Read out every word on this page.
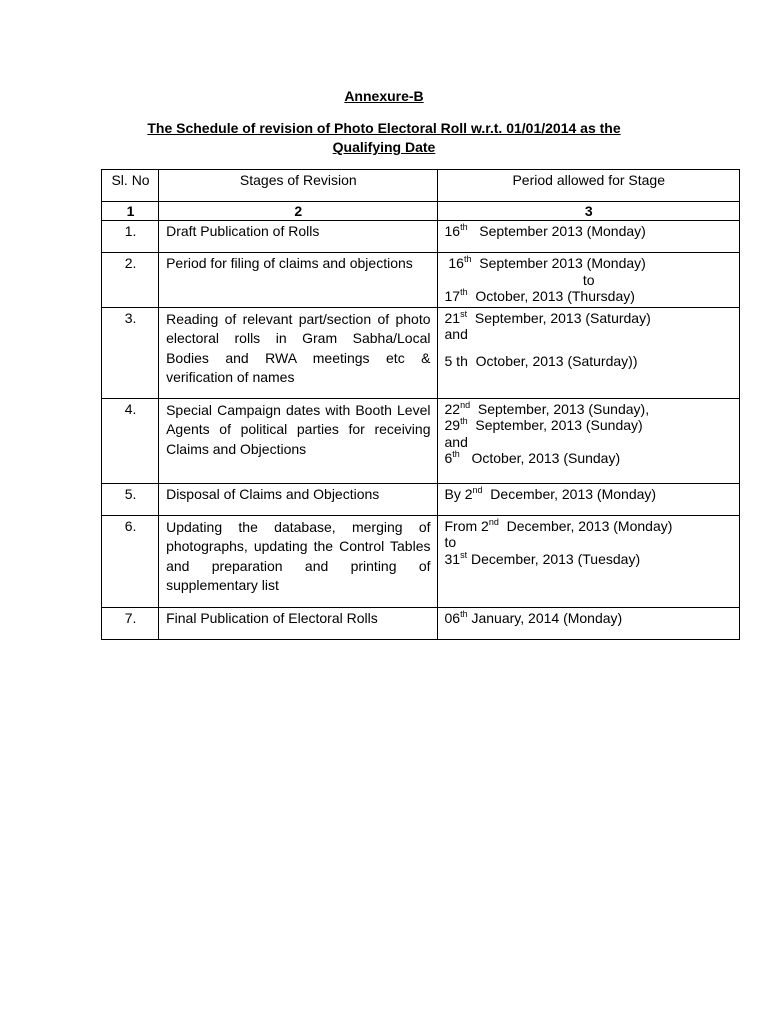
Annexure-B
The Schedule of revision of Photo Electoral Roll w.r.t. 01/01/2014 as the
Qualifying Date
Sl. No	Stages of Revision	Period allowed for Stage
1	2	3
1.	Draft Publication of Rolls	16th   September 2013 (Monday)
2.	Period for filing of claims and objections	16th  September 2013 (Monday)
to
17th  October, 2013 (Thursday)

3.	Reading of relevant part/section of photo electoral rolls in Gram Sabha/Local Bodies and RWA meetings etc & verification of names	21st  September, 2013 (Saturday)
and
5 th  October, 2013 (Saturday))

4.	Special Campaign dates with Booth Level Agents of political parties for receiving Claims and Objections	22nd  September, 2013 (Sunday),
29th  September, 2013 (Sunday)
and
6th   October, 2013 (Sunday)

5.	Disposal of Claims and Objections	By 2nd  December, 2013 (Monday)
6.	Updating the database, merging of photographs, updating the Control Tables and preparation and printing of supplementary list	From 2nd  December, 2013 (Monday)
to
31st December, 2013 (Tuesday)

7.	Final Publication of Electoral Rolls	06th January, 2014 (Monday)
